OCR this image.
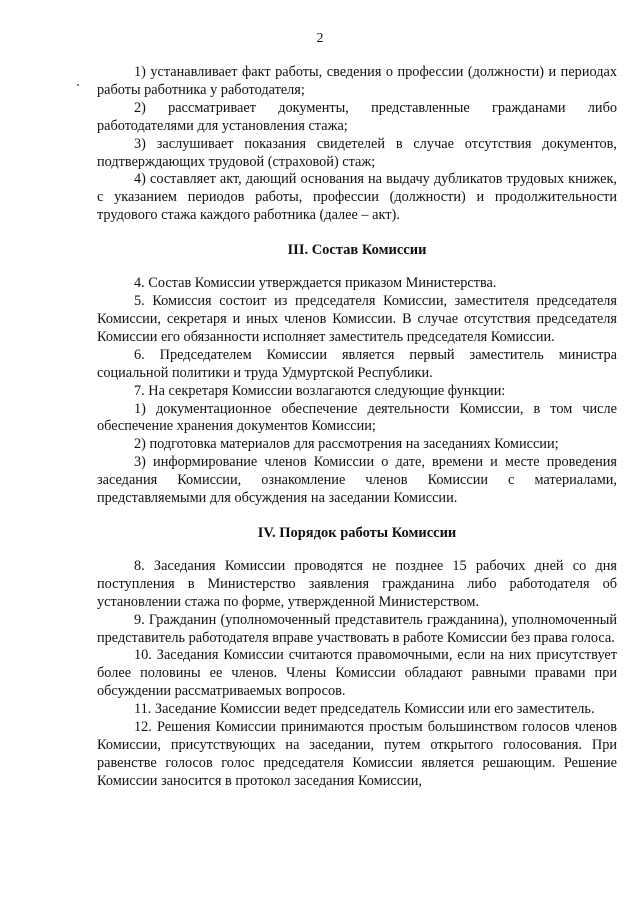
2

1) устанавливает факт работы, сведения о профессии (должности) и периодах работы работника у работодателя;

2) рассматривает документы, представленные гражданами либо работодателями для установления стажа;

3) заслушивает показания свидетелей в случае отсутствия документов, подтверждающих трудовой (страховой) стаж;

4) составляет акт, дающий основания на выдачу дубликатов трудовых книжек, с указанием периодов работы, профессии (должности) и продолжительности трудового стажа каждого работника (далее – акт).

III. Состав Комиссии

4. Состав Комиссии утверждается приказом Министерства.

5. Комиссия состоит из председателя Комиссии, заместителя председателя Комиссии, секретаря и иных членов Комиссии. В случае отсутствия председателя Комиссии его обязанности исполняет заместитель председателя Комиссии.

6. Председателем Комиссии является первый заместитель министра социальной политики и труда Удмуртской Республики.

7. На секретаря Комиссии возлагаются следующие функции:

1) документационное обеспечение деятельности Комиссии, в том числе обеспечение хранения документов Комиссии;

2) подготовка материалов для рассмотрения на заседаниях Комиссии;

3) информирование членов Комиссии о дате, времени и месте проведения заседания Комиссии, ознакомление членов Комиссии с материалами, представляемыми для обсуждения на заседании Комиссии.

IV. Порядок работы Комиссии

8. Заседания Комиссии проводятся не позднее 15 рабочих дней со дня поступления в Министерство заявления гражданина либо работодателя об установлении стажа по форме, утвержденной Министерством.

9. Гражданин (уполномоченный представитель гражданина), уполномоченный представитель работодателя вправе участвовать в работе Комиссии без права голоса.

10. Заседания Комиссии считаются правомочными, если на них присутствует более половины ее членов. Члены Комиссии обладают равными правами при обсуждении рассматриваемых вопросов.

11. Заседание Комиссии ведет председатель Комиссии или его заместитель.

12. Решения Комиссии принимаются простым большинством голосов членов Комиссии, присутствующих на заседании, путем открытого голосования. При равенстве голосов голос председателя Комиссии является решающим. Решение Комиссии заносится в протокол заседания Комиссии,
